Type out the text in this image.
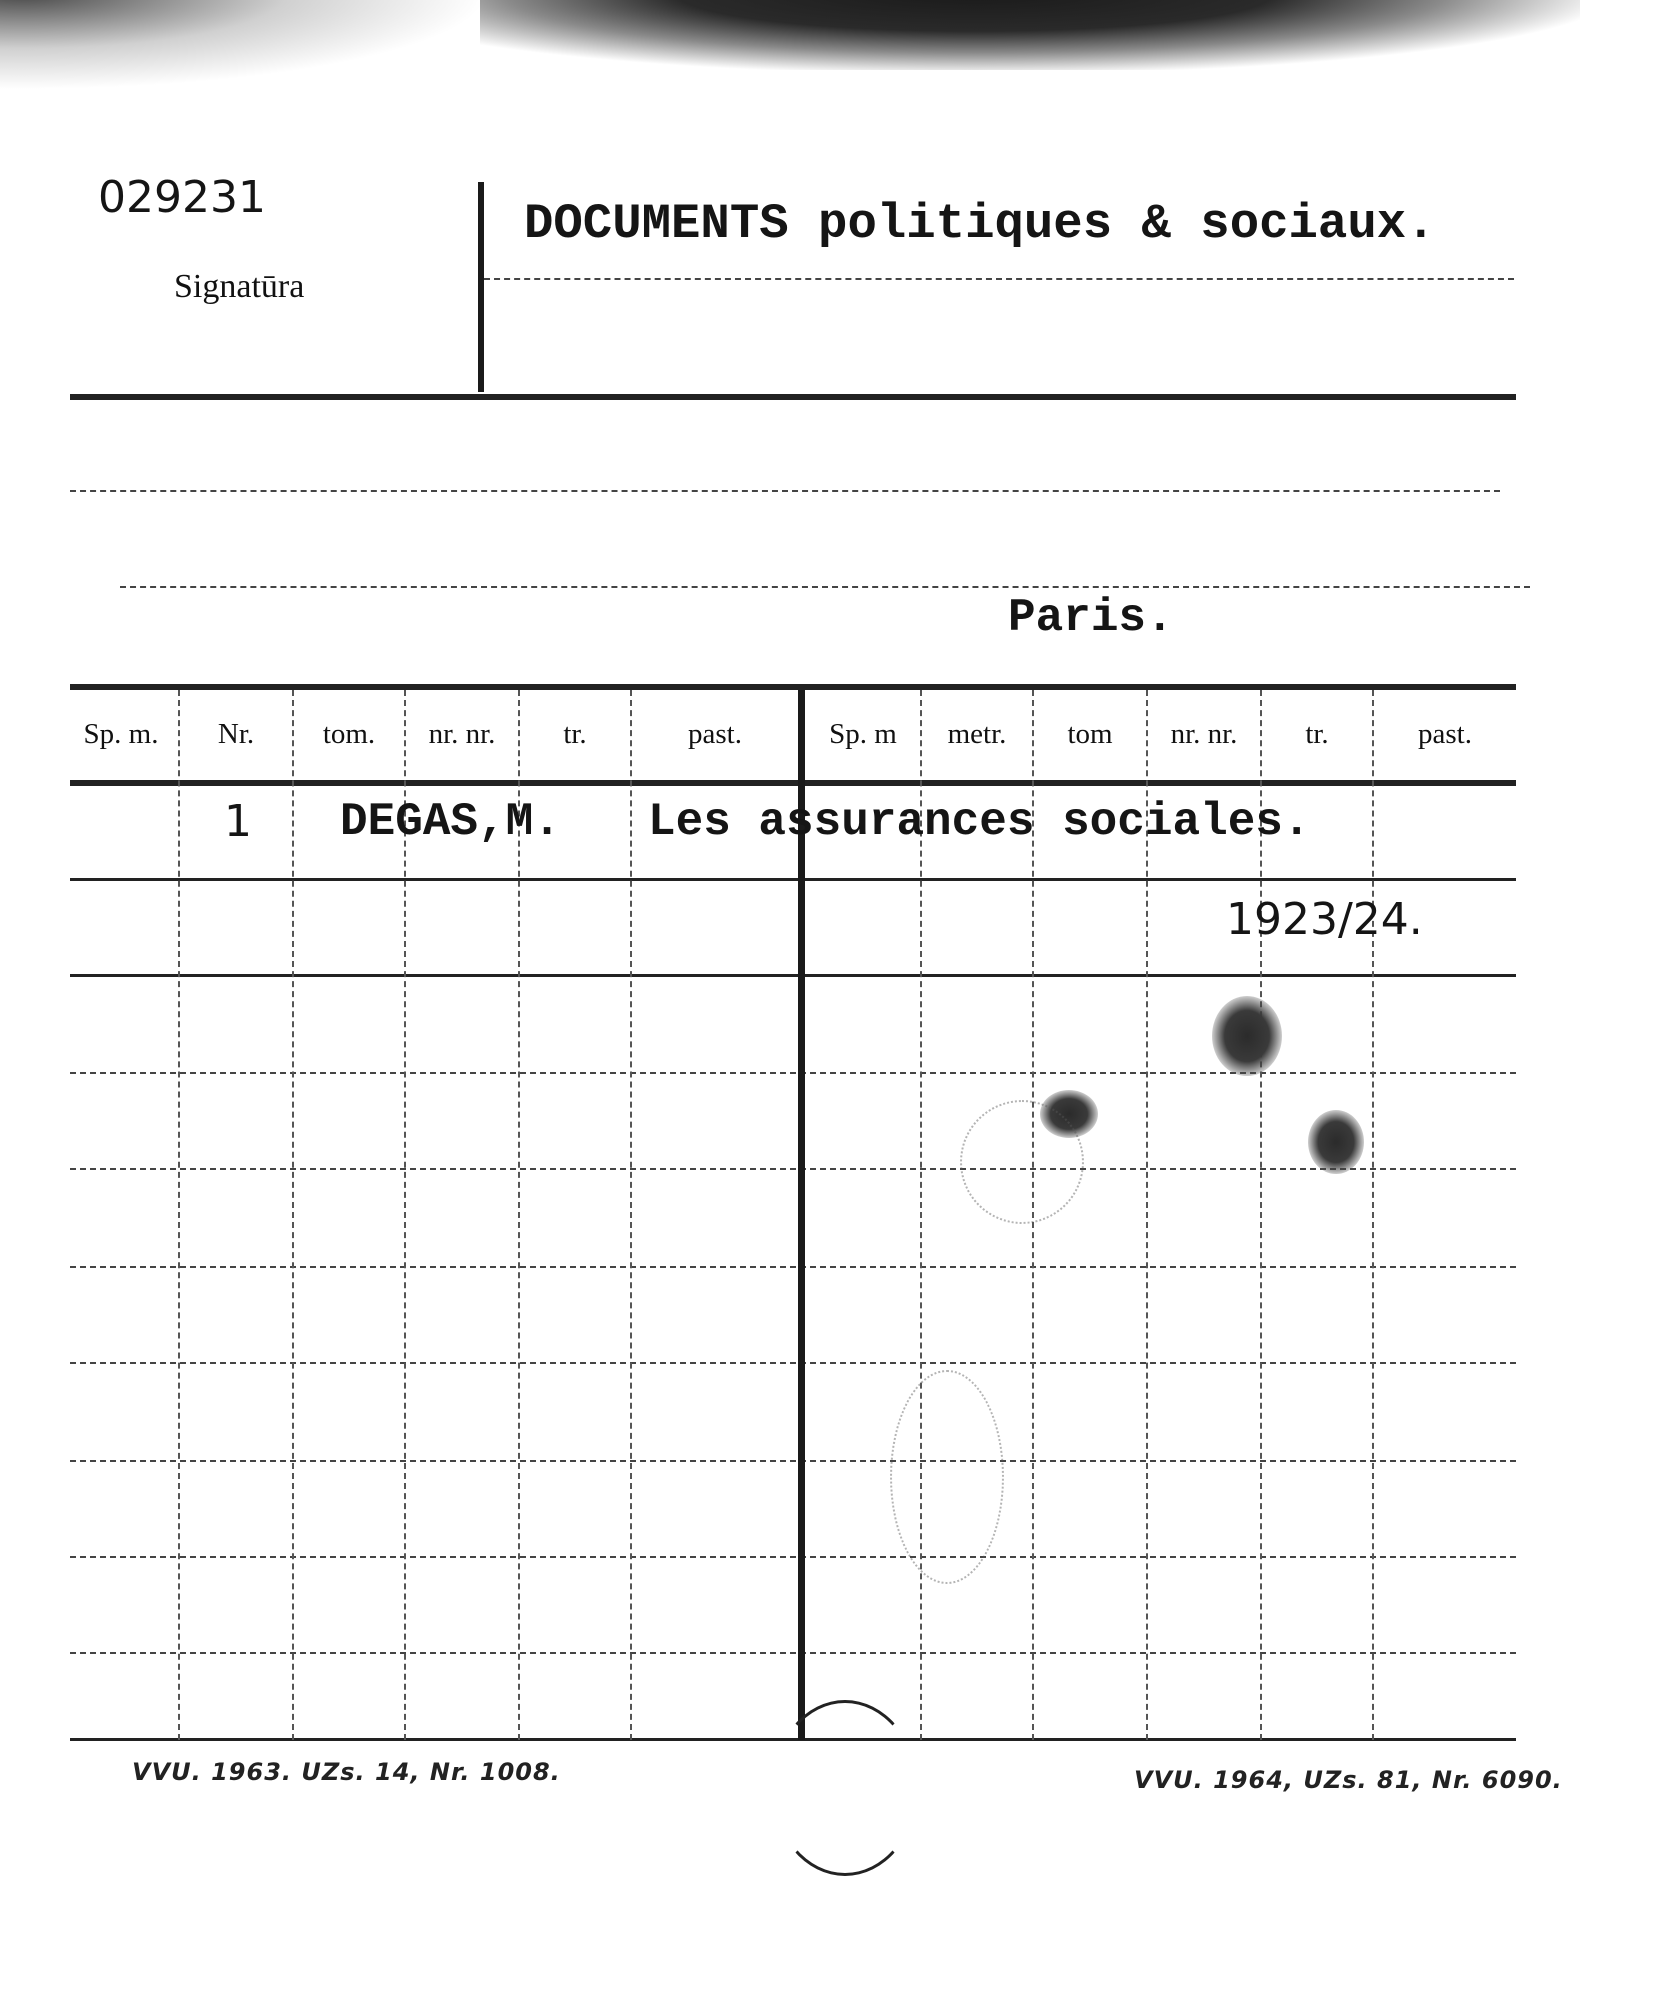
029231
Signatūra
DOCUMENTS politiques & sociaux.
Paris.
Sp. m.	Nr.	tom.	nr. nr.	tr.	past.	Sp. m	metr.	tom	nr. nr.	tr.	past.
1 DEGAS,M. Les assurances sociales.
1923/24.
VVU. 1963. UZs. 14, Nr. 1008.	VVU. 1964, UZs. 81, Nr. 6090.
